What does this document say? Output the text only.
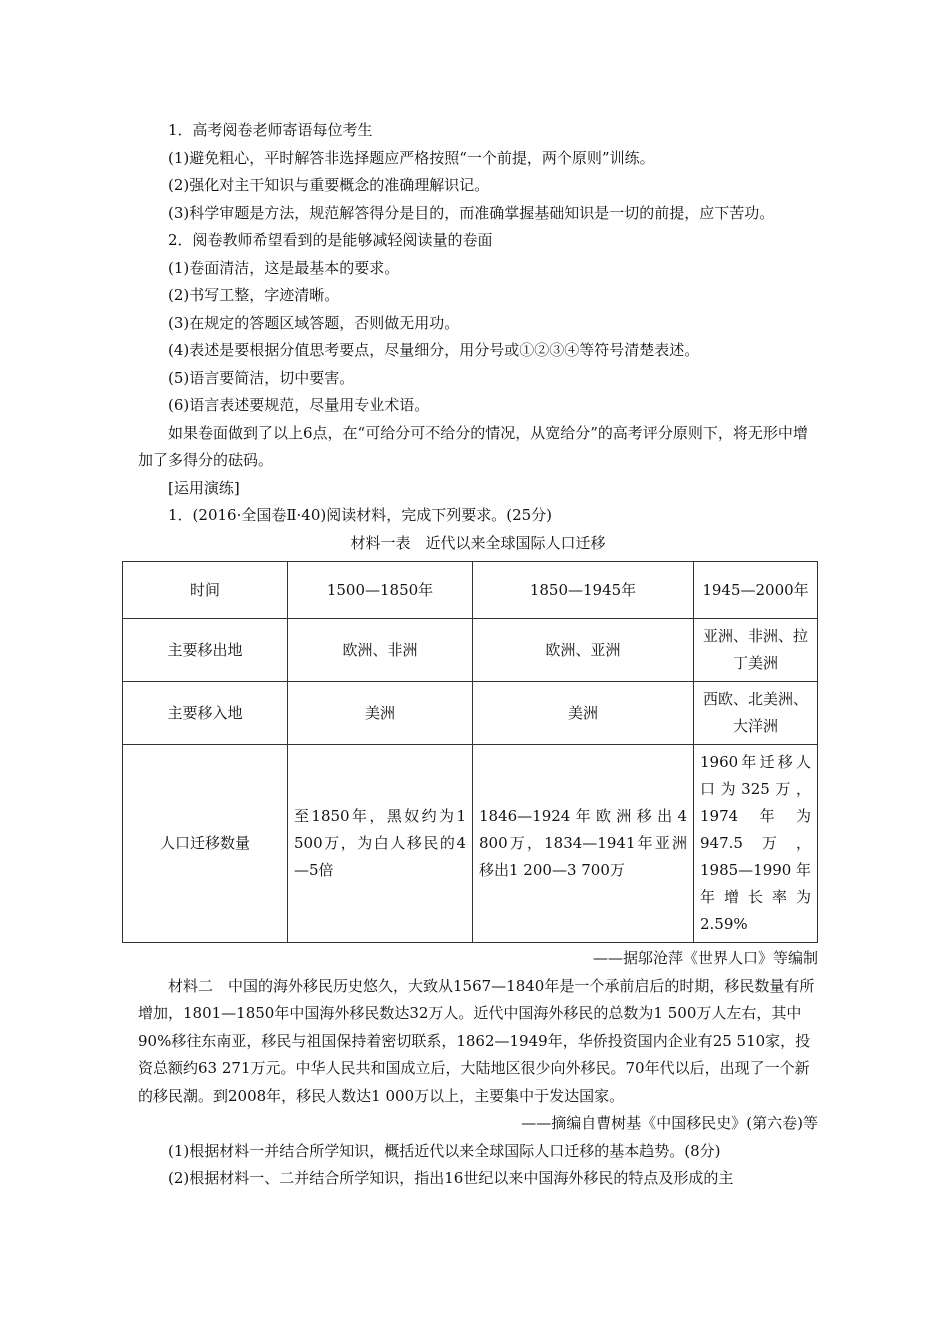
1．高考阅卷老师寄语每位考生

(1)避免粗心，平时解答非选择题应严格按照“一个前提，两个原则”训练。

(2)强化对主干知识与重要概念的准确理解识记。

(3)科学审题是方法，规范解答得分是目的，而准确掌握基础知识是一切的前提，应下苦功。

2．阅卷教师希望看到的是能够减轻阅读量的卷面

(1)卷面清洁，这是最基本的要求。

(2)书写工整，字迹清晰。

(3)在规定的答题区域答题，否则做无用功。

(4)表述是要根据分值思考要点，尽量细分，用分号或①②③④等符号清楚表述。

(5)语言要简洁，切中要害。

(6)语言表述要规范，尽量用专业术语。

如果卷面做到了以上6点，在“可给分可不给分的情况，从宽给分”的高考评分原则下，将无形中增加了多得分的砝码。

[运用演练]

1．(2016·全国卷Ⅱ·40)阅读材料，完成下列要求。(25分)

材料一表　近代以来全球国际人口迁移

时间	1500—1850年	1850—1945年	1945—2000年
主要移出地	欧洲、非洲	欧洲、亚洲	亚洲、非洲、拉丁美洲
主要移入地	美洲	美洲	西欧、北美洲、大洋洲
人口迁移数量	至1850年，黑奴约为1 500万，为白人移民的4—5倍	1846—1924年欧洲移出4 800万，1834—1941年亚洲移出1 200—3 700万	1960年迁移人口为325万，1974年为947.5万，1985—1990年年增长率为2.59%

——据邬沧萍《世界人口》等编制

材料二　中国的海外移民历史悠久，大致从1567—1840年是一个承前启后的时期，移民数量有所增加，1801—1850年中国海外移民数达32万人。近代中国海外移民的总数为1 500万人左右，其中90%移往东南亚，移民与祖国保持着密切联系，1862—1949年，华侨投资国内企业有25 510家，投资总额约63 271万元。中华人民共和国成立后，大陆地区很少向外移民。70年代以后，出现了一个新的移民潮。到2008年，移民人数达1 000万以上，主要集中于发达国家。

——摘编自曹树基《中国移民史》(第六卷)等

(1)根据材料一并结合所学知识，概括近代以来全球国际人口迁移的基本趋势。(8分)

(2)根据材料一、二并结合所学知识，指出16世纪以来中国海外移民的特点及形成的主
